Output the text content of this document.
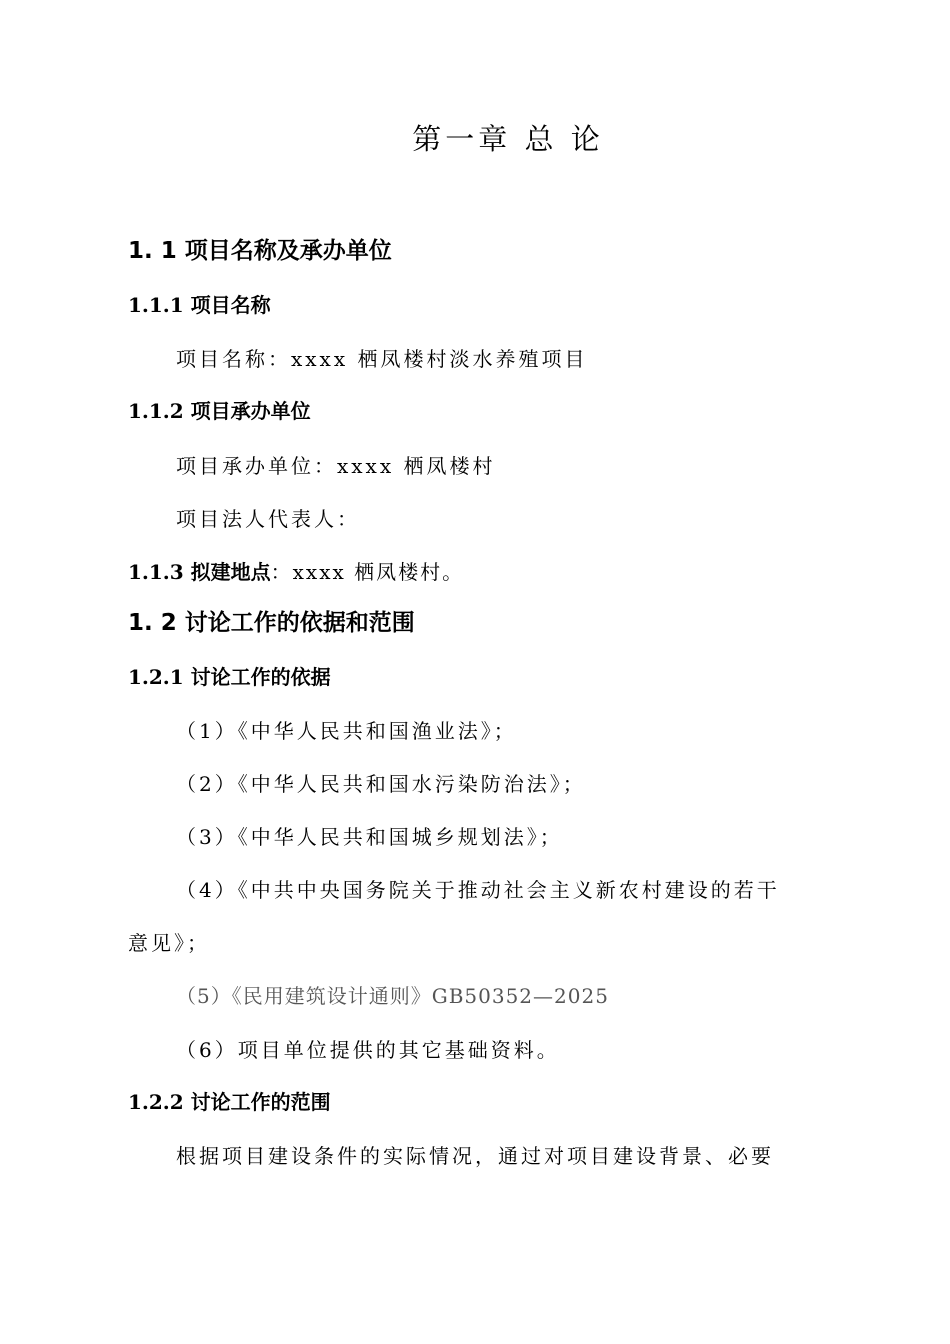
第一章 总 论
1. 1 项目名称及承办单位
1.1.1 项目名称
项目名称：xxxx 栖凤楼村淡水养殖项目
1.1.2 项目承办单位
项目承办单位：xxxx 栖凤楼村
项目法人代表人：
1.1.3 拟建地点：xxxx 栖凤楼村。
1. 2 讨论工作的依据和范围
1.2.1 讨论工作的依据
（1）《中华人民共和国渔业法》；
（2）《中华人民共和国水污染防治法》；
（3）《中华人民共和国城乡规划法》；
（4）《中共中央国务院关于推动社会主义新农村建设的若干
意见》；
（5）《民用建筑设计通则》GB50352—2025
（6）项目单位提供的其它基础资料。
1.2.2 讨论工作的范围
根据项目建设条件的实际情况，通过对项目建设背景、必要
